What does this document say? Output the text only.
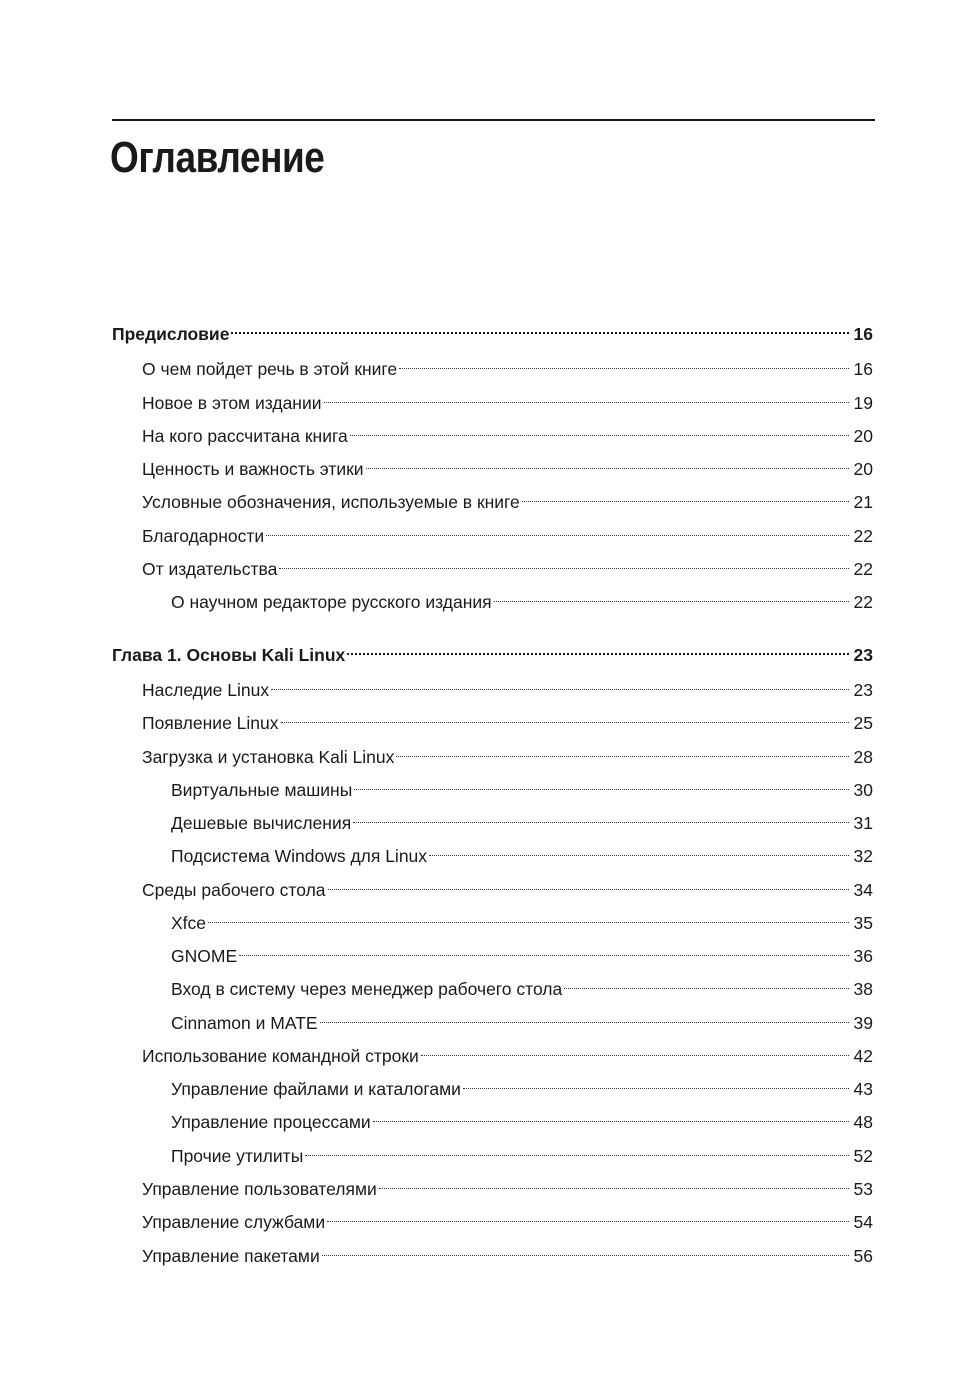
Оглавление
Предисловие	16
О чем пойдет речь в этой книге	16
Новое в этом издании	19
На кого рассчитана книга	20
Ценность и важность этики	20
Условные обозначения, используемые в книге	21
Благодарности	22
От издательства	22
О научном редакторе русского издания	22
Глава 1. Основы Kali Linux	23
Наследие Linux	23
Появление Linux	25
Загрузка и установка Kali Linux	28
Виртуальные машины	30
Дешевые вычисления	31
Подсистема Windows для Linux	32
Среды рабочего стола	34
Xfce	35
GNOME	36
Вход в систему через менеджер рабочего стола	38
Cinnamon и MATE	39
Использование командной строки	42
Управление файлами и каталогами	43
Управление процессами	48
Прочие утилиты	52
Управление пользователями	53
Управление службами	54
Управление пакетами	56
